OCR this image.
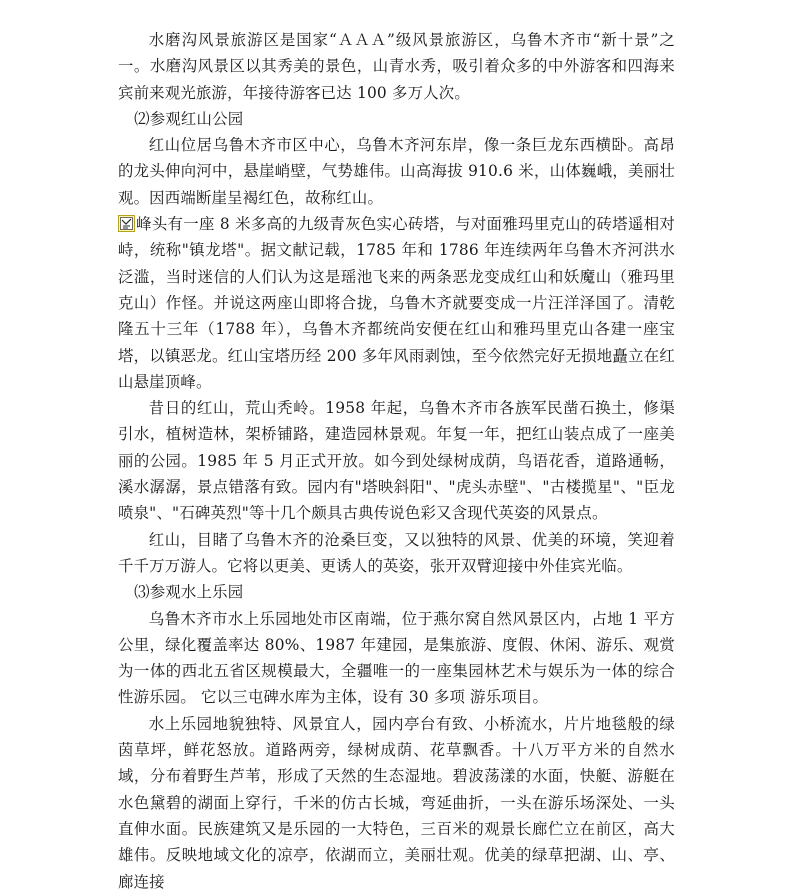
水磨沟风景旅游区是国家“ＡＡＡ”级风景旅游区，乌鲁木齐市“新十景”之一。水磨沟风景区以其秀美的景色，山青水秀，吸引着众多的中外游客和四海来宾前来观光旅游，年接待游客已达 100 多万人次。

⑵参观红山公园

红山位居乌鲁木齐市区中心，乌鲁木齐河东岸，像一条巨龙东西横卧。高昂的龙头伸向河中，悬崖峭壁，气势雄伟。山高海拔 910.6 米，山体巍峨，美丽壮观。因西端断崖呈褐红色，故称红山。

峰头有一座 8 米多高的九级青灰色实心砖塔，与对面雅玛里克山的砖塔遥相对峙，统称"镇龙塔"。据文献记载，1785 年和 1786 年连续两年乌鲁木齐河洪水泛滥，当时迷信的人们认为这是瑶池飞来的两条恶龙变成红山和妖魔山（雅玛里克山）作怪。并说这两座山即将合拢，乌鲁木齐就要变成一片汪洋泽国了。清乾隆五十三年（1788 年），乌鲁木齐都统尚安便在红山和雅玛里克山各建一座宝塔，以镇恶龙。红山宝塔历经 200 多年风雨剥蚀，至今依然完好无损地矗立在红山悬崖顶峰。

昔日的红山，荒山秃岭。1958 年起，乌鲁木齐市各族军民凿石换土，修渠引水，植树造林，架桥铺路，建造园林景观。年复一年，把红山装点成了一座美丽的公园。1985 年 5 月正式开放。如今到处绿树成荫，鸟语花香，道路通畅，溪水潺潺，景点错落有致。园内有"塔映斜阳"、"虎头赤壁"、"古楼揽星"、"臣龙喷泉"、"石碑英烈"等十几个颇具古典传说色彩又含现代英姿的风景点。

红山，目睹了乌鲁木齐的沧桑巨变，又以独特的风景、优美的环境，笑迎着千千万万游人。它将以更美、更诱人的英姿，张开双臂迎接中外佳宾光临。

⑶参观水上乐园

乌鲁木齐市水上乐园地处市区南端，位于燕尔窝自然风景区内，占地 1 平方公里，绿化覆盖率达 80%、1987 年建园，是集旅游、度假、休闲、游乐、观赏为一体的西北五省区规模最大，全疆唯一的一座集园林艺术与娱乐为一体的综合性游乐园。 它以三屯碑水库为主体，设有 30 多项 游乐项目。

水上乐园地貌独特、风景宜人，园内亭台有致、小桥流水，片片地毯般的绿茵草坪，鲜花怒放。道路两旁，绿树成荫、花草飘香。十八万平方米的自然水域，分布着野生芦苇，形成了天然的生态湿地。碧波荡漾的水面，快艇、游艇在水色黛碧的湖面上穿行，千米的仿古长城，弯延曲折，一头在游乐场深处、一头直伸水面。民族建筑又是乐园的一大特色，三百米的观景长廊伫立在前区，高大雄伟。反映地域文化的凉亭，依湖而立，美丽壮观。优美的绿草把湖、山、亭、廊连接
